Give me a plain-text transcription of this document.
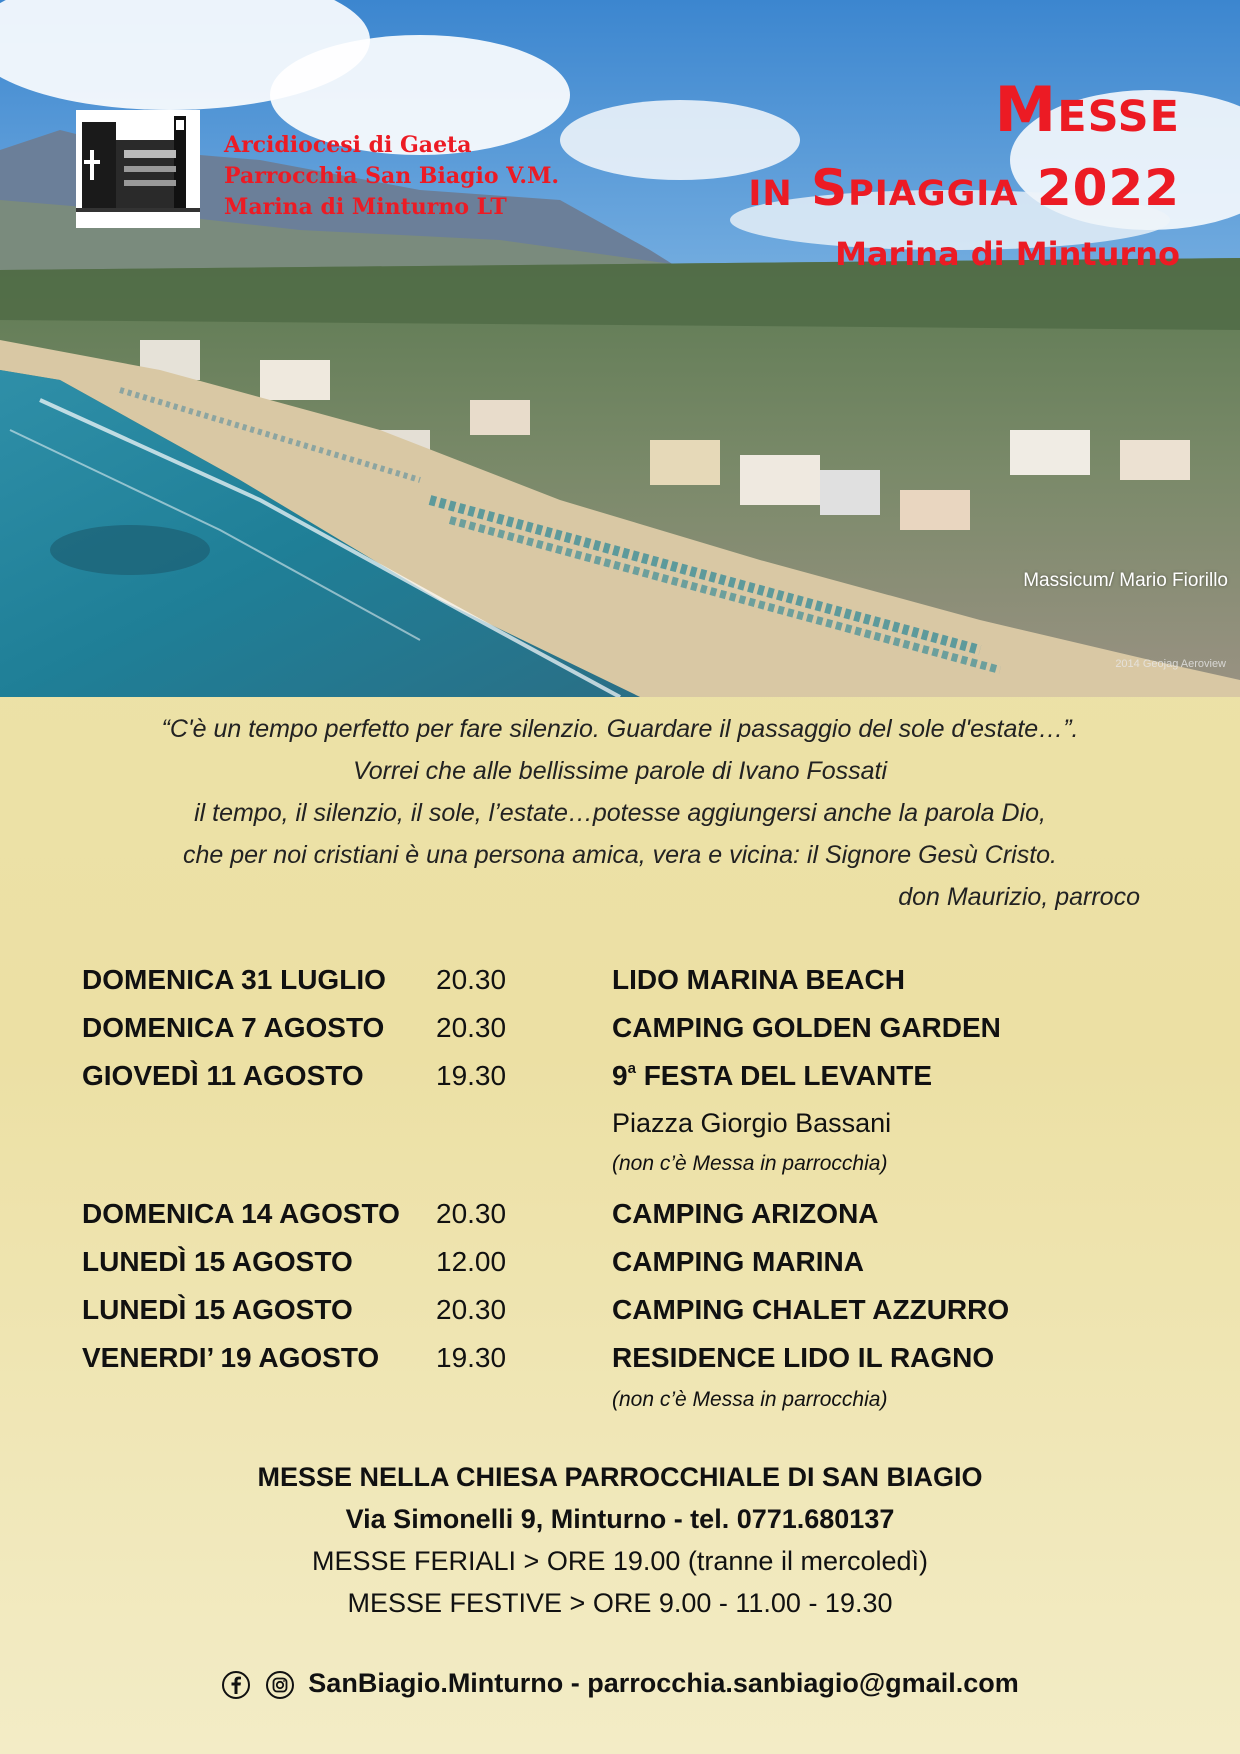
Arcidiocesi di Gaeta
Parrocchia San Biagio V.M.
Marina di Minturno LT
Messe
in Spiaggia 2022
Marina di Minturno
Massicum/ Mario Fiorillo
2014 Geojag Aeroview
“C'è un tempo perfetto per fare silenzio. Guardare il passaggio del sole d'estate…”.
Vorrei che alle bellissime parole di Ivano Fossati
il tempo, il silenzio, il sole, l’estate…potesse aggiungersi anche la parola Dio,
che per noi cristiani è una persona amica, vera e vicina: il Signore Gesù Cristo.
don Maurizio, parroco
DOMENICA 31 LUGLIO 20.30	LIDO MARINA BEACH
DOMENICA 7 AGOSTO 20.30	CAMPING GOLDEN GARDEN
GIOVEDÌ 11 AGOSTO	19.30	9$^a$ FESTA DEL LEVANTE
Piazza Giorgio Bassani
(non c’è Messa in parrocchia)
DOMENICA 14 AGOSTO 20.30	CAMPING ARIZONA
LUNEDÌ 15 AGOSTO	12.00	CAMPING MARINA
LUNEDÌ 15 AGOSTO	20.30	CAMPING CHALET AZZURRO
VENERDI’ 19 AGOSTO 19.30	RESIDENCE LIDO IL RAGNO
(non c’è Messa in parrocchia)
MESSE NELLA CHIESA PARROCCHIALE DI SAN BIAGIO
Via Simonelli 9, Minturno - tel. 0771.680137
MESSE FERIALI > ORE 19.00 (tranne il mercoledì)
MESSE FESTIVE > ORE 9.00 - 11.00 - 19.30

SanBiagio.Minturno - parrocchia.sanbiagio@gmail.com
